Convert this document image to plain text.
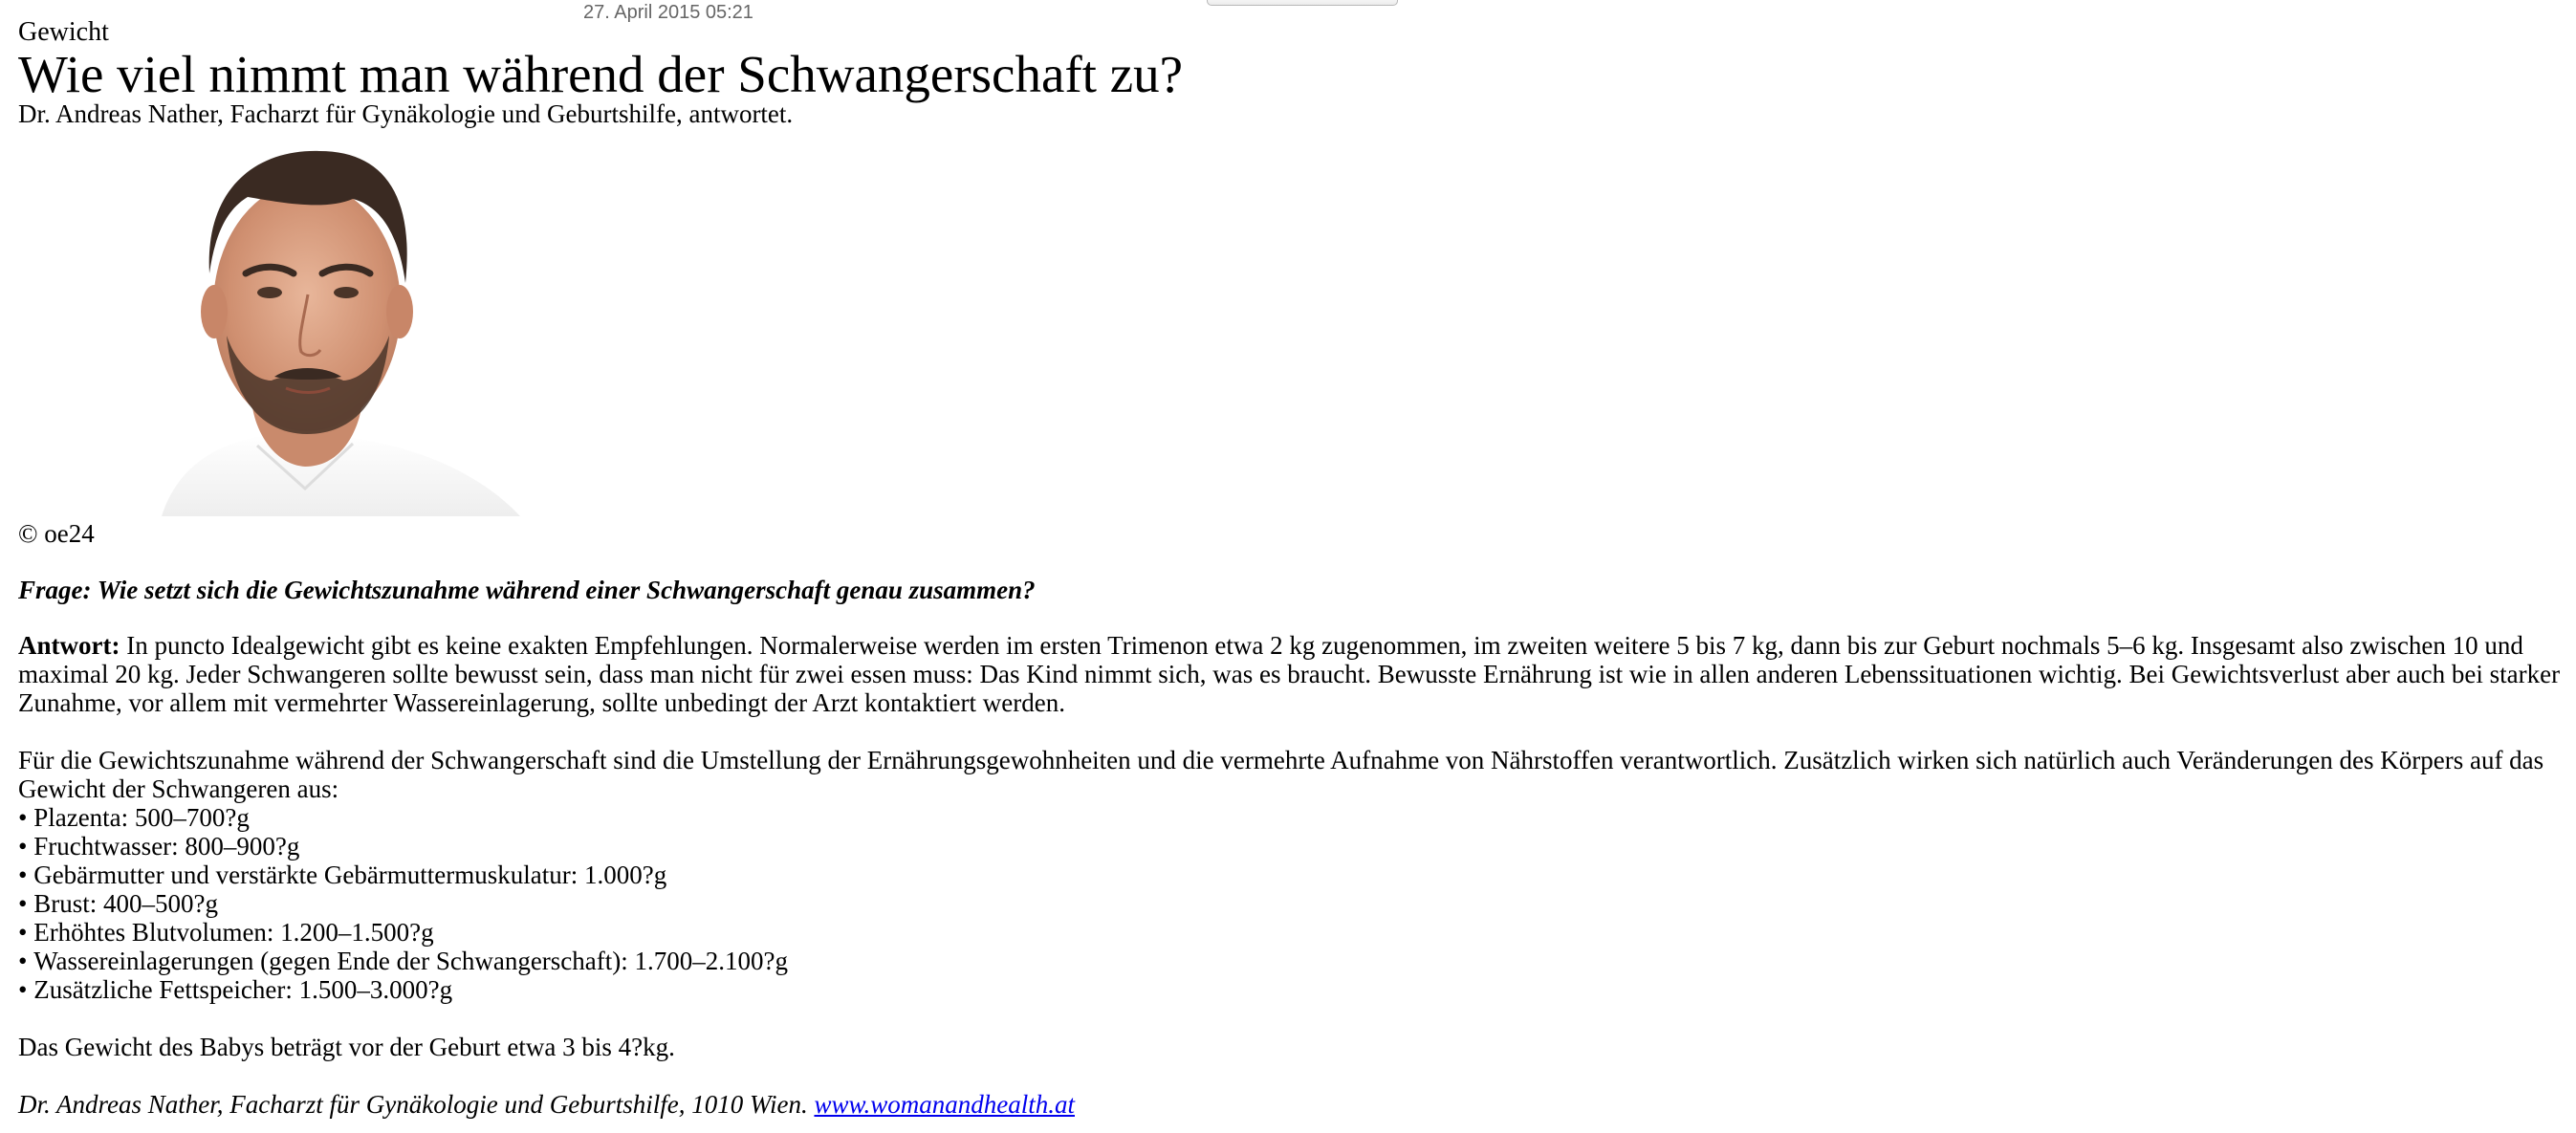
27. April 2015 05:21
Gewicht
Wie viel nimmt man während der Schwangerschaft zu?
Dr. Andreas Nather, Facharzt für Gynäkologie und Geburtshilfe, antwortet.
© oe24

Frage: Wie setzt sich die Gewichtszunahme während einer Schwangerschaft genau zusammen?

Antwort: In puncto Idealgewicht gibt es keine exakten Empfehlungen. Normalerweise werden im ersten Trimenon etwa 2 kg zugenommen, im zweiten weitere 5 bis 7 kg, dann bis zur Geburt nochmals 5–6 kg. Insgesamt also zwischen 10 und maximal 20 kg. Jeder Schwangeren sollte bewusst sein, dass man nicht für zwei essen muss: Das Kind nimmt sich, was es braucht. Bewusste Ernährung ist wie in allen anderen Lebenssituationen wichtig. Bei Gewichtsverlust aber auch bei starker Zunahme, vor allem mit vermehrter Wassereinlagerung, sollte unbedingt der Arzt kontaktiert werden.

Für die Gewichtszunahme während der Schwangerschaft sind die Umstellung der Ernährungsgewohnheiten und die vermehrte Aufnahme von Nährstoffen verantwortlich. Zusätzlich wirken sich natürlich auch Veränderungen des Körpers auf das Gewicht der Schwangeren aus:

• Plazenta: 500–700?g
• Fruchtwasser: 800–900?g
• Gebärmutter und verstärkte Gebärmuttermuskulatur: 1.000?g
• Brust: 400–500?g
• Erhöhtes Blutvolumen: 1.200–1.500?g
• Wassereinlagerungen (gegen Ende der Schwangerschaft): 1.700–2.100?g
• Zusätzliche Fettspeicher: 1.500–3.000?g

Das Gewicht des Babys beträgt vor der Geburt etwa 3 bis 4?kg.

Dr. Andreas Nather, Facharzt für Gynäkologie und Geburtshilfe, 1010 Wien. www.womanandhealth.at
